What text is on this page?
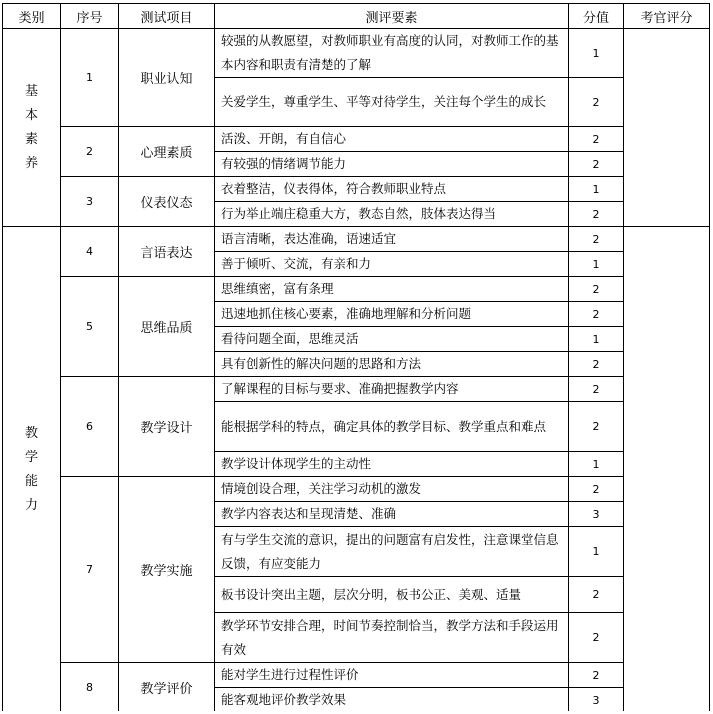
类别	序号	测试项目	测评要素	分值	考官评分
基本素养	1	职业认知	较强的从教愿望，对教师职业有高度的认同，对教师工作的基本内容和职责有清楚的了解	1	
			关爱学生，尊重学生、平等对待学生，关注每个学生的成长	2	
	2	心理素质	活泼、开朗，有自信心	2	
			有较强的情绪调节能力	2	
	3	仪表仪态	衣着整洁，仪表得体，符合教师职业特点	1	
			行为举止端庄稳重大方，教态自然，肢体表达得当	2	
教学能力	4	言语表达	语言清晰，表达准确，语速适宜	2	
			善于倾听、交流，有亲和力	1	
	5	思维品质	思维缜密，富有条理	2	
			迅速地抓住核心要素，准确地理解和分析问题	2	
			看待问题全面，思维灵活	1	
			具有创新性的解决问题的思路和方法	2	
	6	教学设计	了解课程的目标与要求、准确把握教学内容	2	
			能根据学科的特点，确定具体的教学目标、教学重点和难点	2	
			教学设计体现学生的主动性	1	
	7	教学实施	情境创设合理，关注学习动机的激发	2	
			教学内容表达和呈现清楚、准确	3	
			有与学生交流的意识，提出的问题富有启发性，注意课堂信息反馈，有应变能力	1	
			板书设计突出主题，层次分明，板书公正、美观、适量	2	
			教学环节安排合理，时间节奏控制恰当，教学方法和手段运用有效	2	
	8	教学评价	能对学生进行过程性评价	2	
			能客观地评价教学效果	3	
